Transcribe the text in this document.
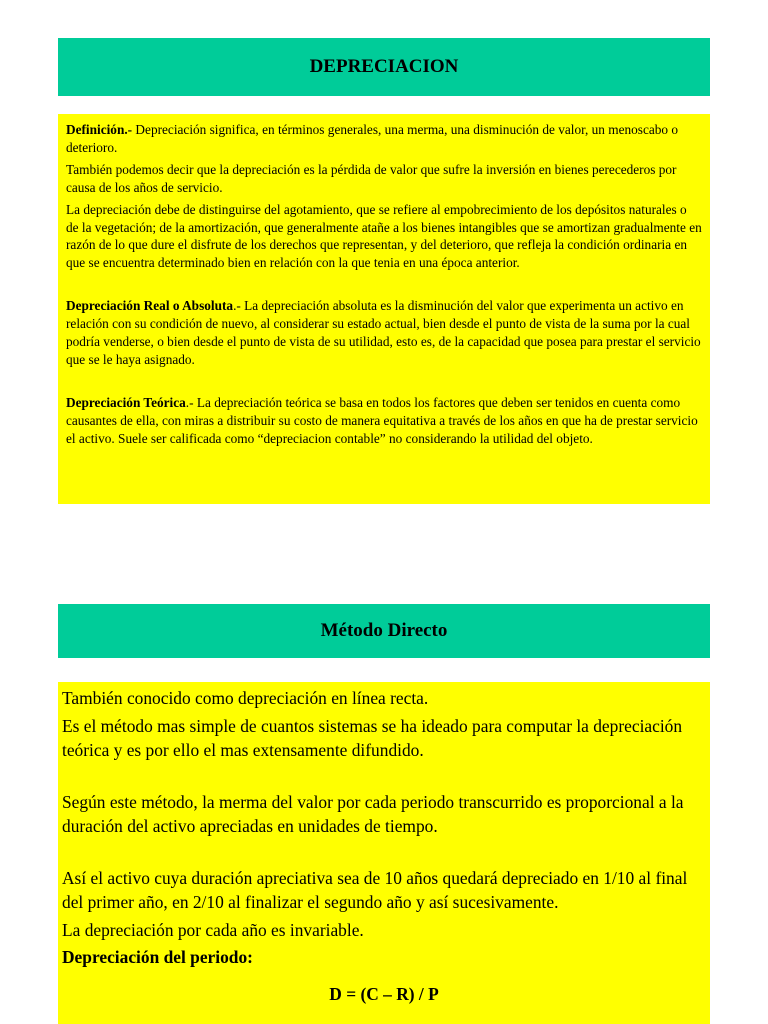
DEPRECIACION

Definición.- Depreciación significa, en términos generales, una merma, una disminución de valor, un menoscabo o deterioro.

También podemos decir que la depreciación es la pérdida de valor que sufre la inversión en bienes perecederos por causa de los años de servicio.

La depreciación debe de distinguirse del agotamiento, que se refiere al empobrecimiento de los depósitos naturales o de la vegetación; de la amortización, que generalmente atañe a los bienes intangibles que se amortizan gradualmente en razón de lo que dure el disfrute de los derechos que representan, y del deterioro, que refleja la condición ordinaria en que se encuentra determinado bien en relación con la que tenia en una época anterior.

Depreciación Real o Absoluta.- La depreciación absoluta es la disminución del valor que experimenta un activo en relación con su condición de nuevo, al considerar su estado actual, bien desde el punto de vista de la suma por la cual podría venderse, o bien desde el punto de vista de su utilidad, esto es, de la capacidad que posea para prestar el servicio que se le haya asignado.

Depreciación Teórica.- La depreciación teórica se basa en todos los factores que deben ser tenidos en cuenta como causantes de ella, con miras a distribuir su costo de manera equitativa a través de los años en que ha de prestar servicio el activo. Suele ser calificada como “depreciacion contable” no considerando la utilidad del objeto.

Método Directo

También conocido como depreciación en línea recta.

Es el método mas simple de cuantos sistemas se ha ideado para computar la depreciación teórica y es por ello el mas extensamente difundido.

Según este método, la merma del valor por cada periodo transcurrido es proporcional a la duración del activo apreciadas en unidades de tiempo.

Así el activo cuya duración apreciativa sea de 10 años quedará depreciado en 1/10 al final del primer año, en 2/10 al finalizar el segundo año y así sucesivamente.

La depreciación por cada año es invariable.

Depreciación del periodo:

D = (C – R) / P
